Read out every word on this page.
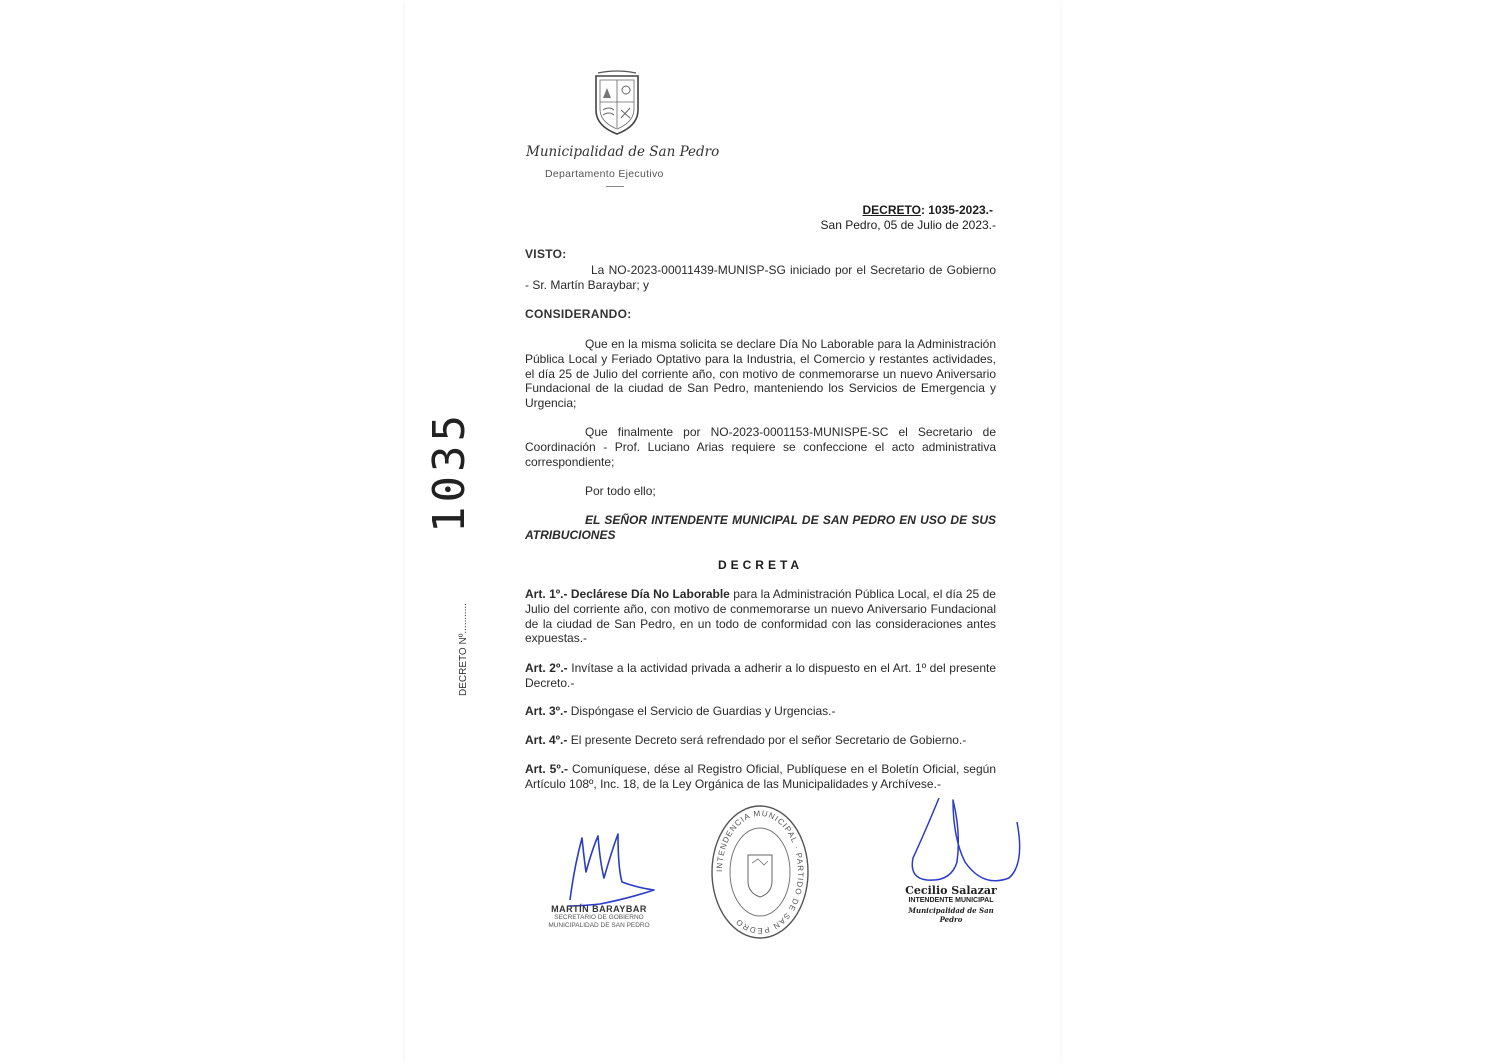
Municipalidad de San Pedro
Departamento Ejecutivo
DECRETO: 1035-2023.-
San Pedro, 05 de Julio de 2023.-
1035
DECRETO Nº...........
VISTO:
La NO-2023-00011439-MUNISP-SG iniciado por el Secretario de Gobierno - Sr. Martín Baraybar; y
CONSIDERANDO:
Que en la misma solicita se declare Día No Laborable para la Administración Pública Local y Feriado Optativo para la Industria, el Comercio y restantes actividades, el día 25 de Julio del corriente año, con motivo de conmemorarse un nuevo Aniversario Fundacional de la ciudad de San Pedro, manteniendo los Servicios de Emergencia y Urgencia;
Que finalmente por NO-2023-0001153-MUNISPE-SC el Secretario de Coordinación - Prof. Luciano Arias requiere se confeccione el acto administrativa correspondiente;
Por todo ello;
EL SEÑOR INTENDENTE MUNICIPAL DE SAN PEDRO EN USO DE SUS ATRIBUCIONES
DECRETA
Art. 1º.- Declárese Día No Laborable para la Administración Pública Local, el día 25 de Julio del corriente año, con motivo de conmemorarse un nuevo Aniversario Fundacional de la ciudad de San Pedro, en un todo de conformidad con las consideraciones antes expuestas.-
Art. 2º.- Invítase a la actividad privada a adherir a lo dispuesto en el Art. 1º del presente Decreto.-
Art. 3º.- Dispóngase el Servicio de Guardias y Urgencias.-
Art. 4º.- El presente Decreto será refrendado por el señor Secretario de Gobierno.-
Art. 5º.- Comuníquese, dése al Registro Oficial, Publíquese en el Boletín Oficial, según Artículo 108º, Inc. 18, de la Ley Orgánica de las Municipalidades y Archívese.-
MARTÍN BARAYBAR
SECRETARIO DE GOBIERNO
MUNICIPALIDAD DE SAN PEDRO
INTENDENCIA MUNICIPAL · PARTIDO DE SAN PEDRO
Cecilio Salazar
INTENDENTE MUNICIPAL
Municipalidad de San Pedro
